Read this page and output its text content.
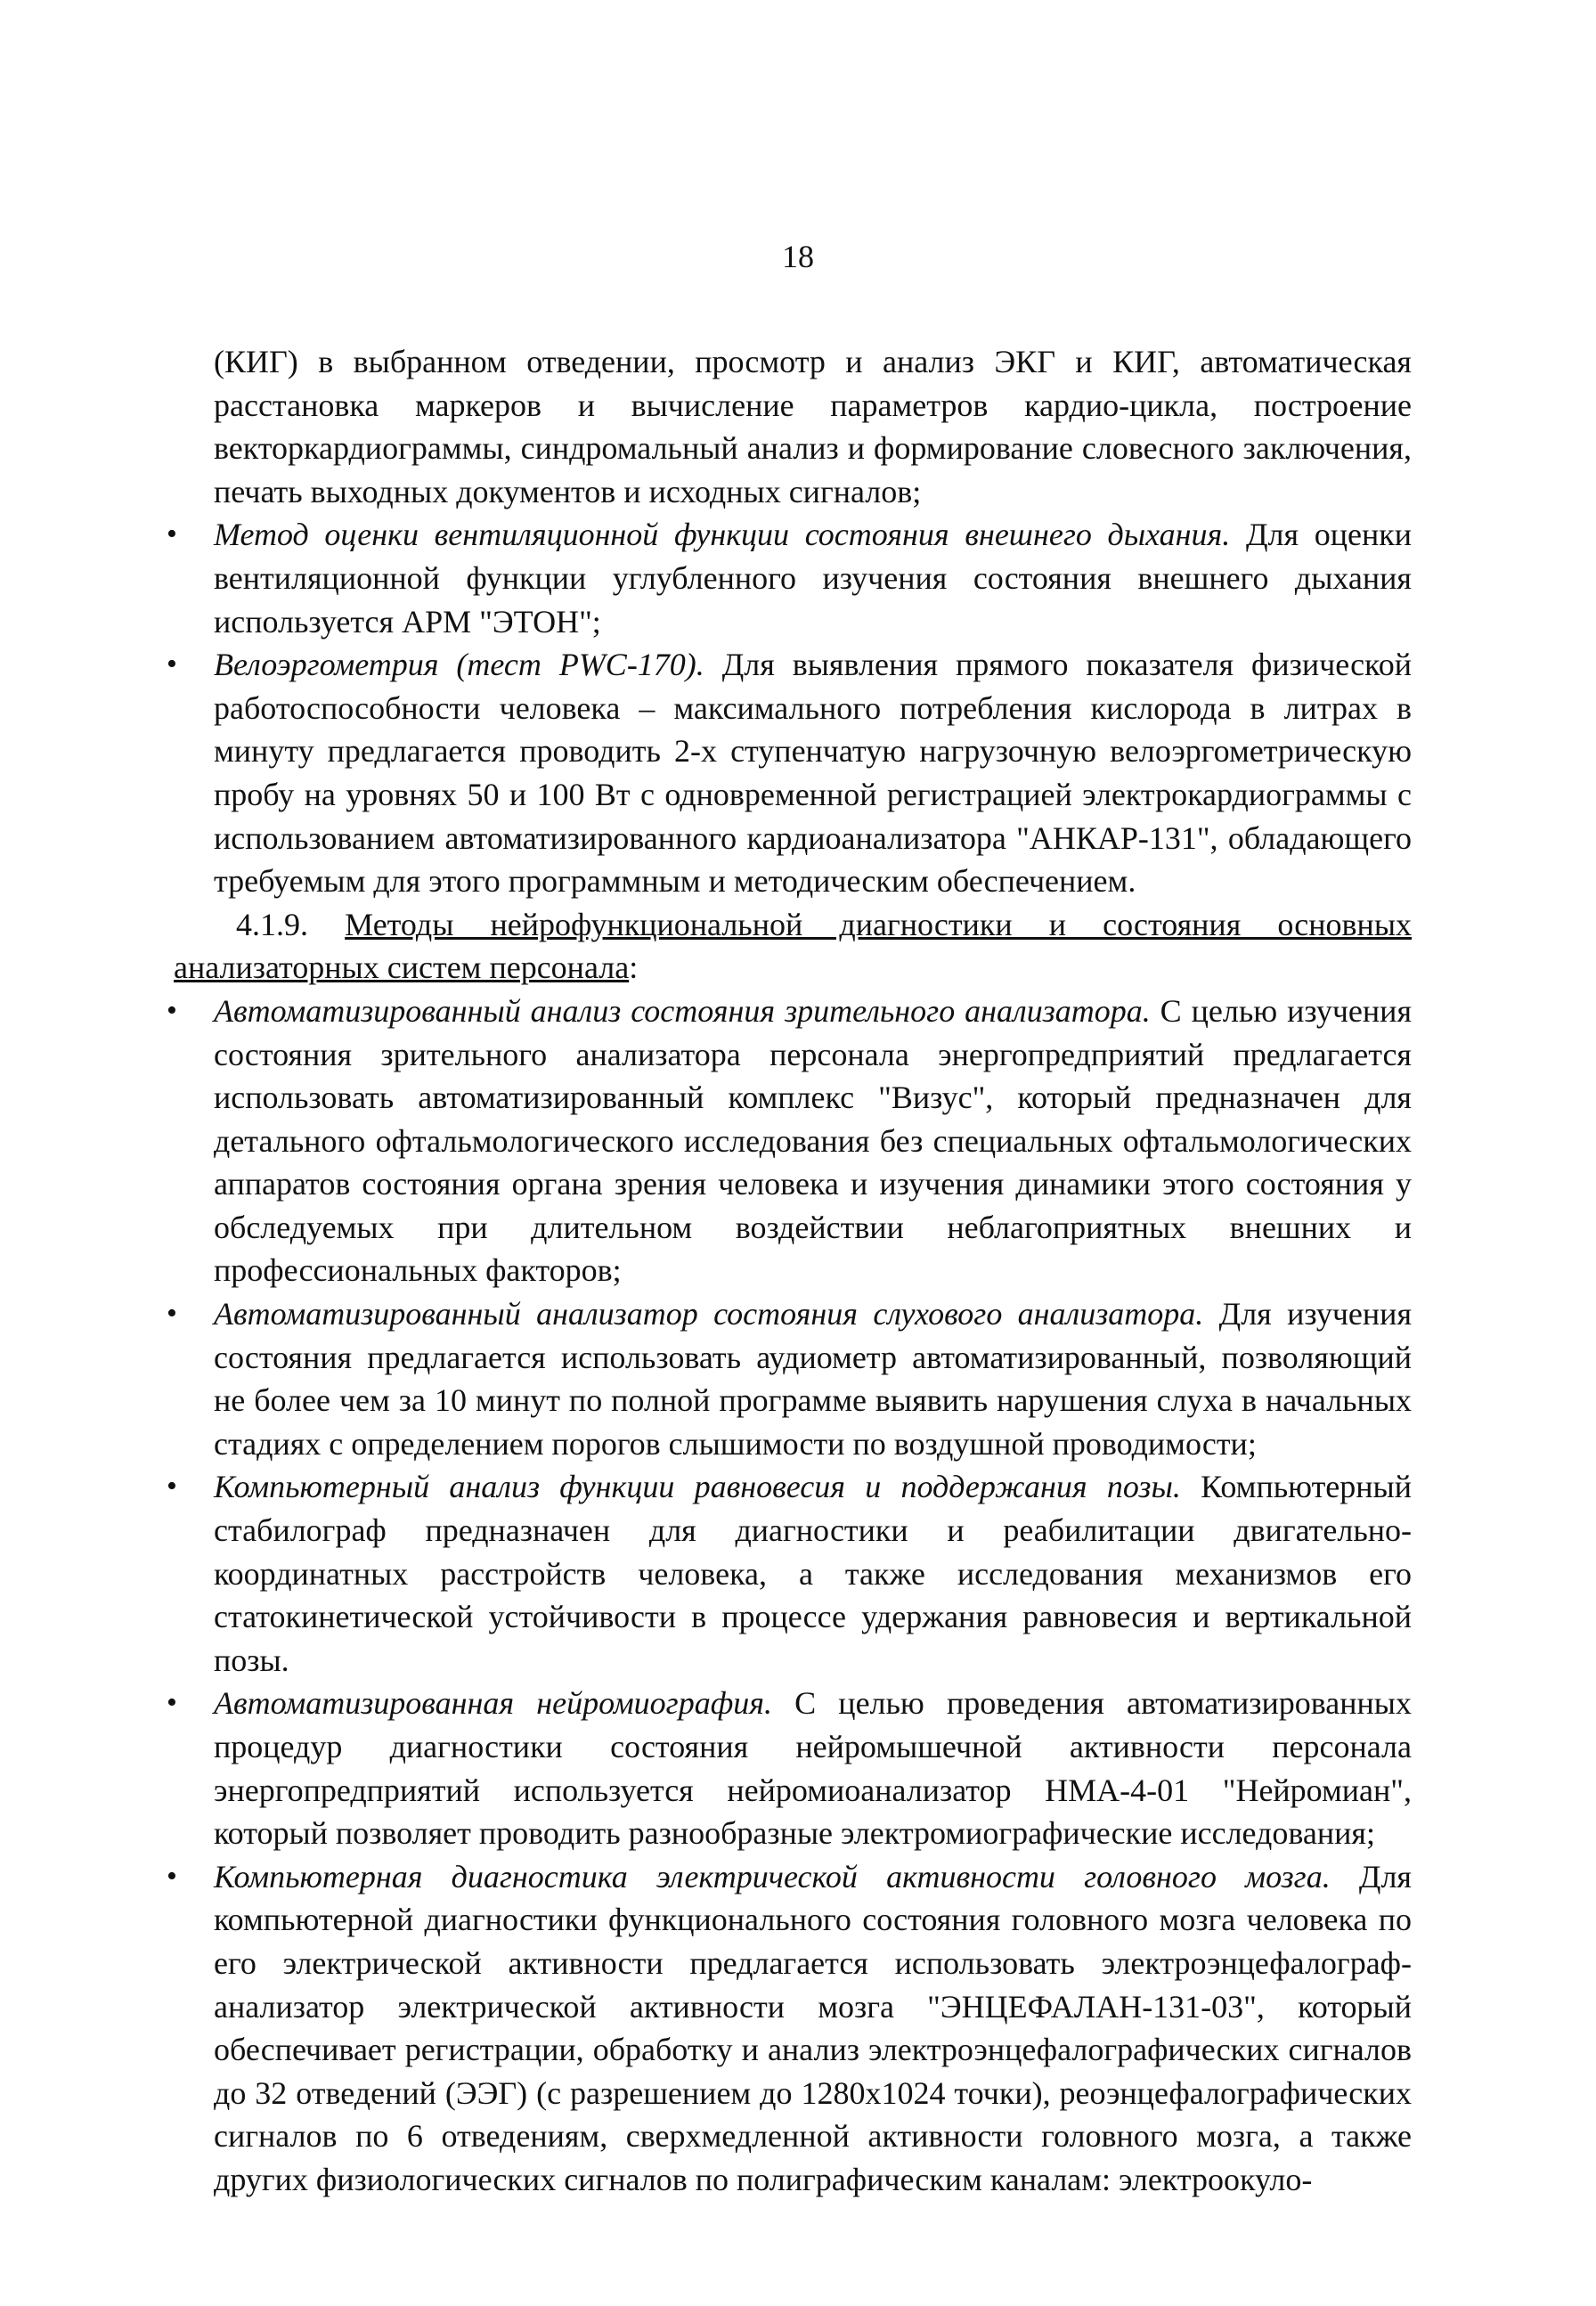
18

(КИГ) в выбранном отведении, просмотр и анализ ЭКГ и КИГ, автоматическая расстановка маркеров и вычисление параметров кардио-цикла, построение векторкардиограммы, синдромальный анализ и формирование словесного заключения, печать выходных документов и исходных сигналов;

•	Метод оценки вентиляционной функции состояния внешнего дыхания. Для оценки вентиляционной функции углубленного изучения состояния внешнего дыхания используется АРМ "ЭТОН";

•	Велоэргометрия (тест PWC-170). Для выявления прямого показателя физической работоспособности человека – максимального потребления кислорода в литрах в минуту предлагается проводить 2-х ступенчатую нагрузочную велоэргометрическую пробу на уровнях 50 и 100 Вт с одновременной регистрацией электрокардиограммы с использованием автоматизированного кардиоанализатора "АНКАР-131", обладающего требуемым для этого программным и методическим обеспечением.

4.1.9. Методы нейрофункциональной диагностики и состояния основных анализаторных систем персонала:

•	Автоматизированный анализ состояния зрительного анализатора. С целью изучения состояния зрительного анализатора персонала энергопредприятий предлагается использовать автоматизированный комплекс "Визус", который предназначен для детального офтальмологического исследования без специальных офтальмологических аппаратов состояния органа зрения человека и изучения динамики этого состояния у обследуемых при длительном воздействии неблагоприятных внешних и профессиональных факторов;

•	Автоматизированный анализатор состояния слухового анализатора. Для изучения состояния предлагается использовать аудиометр автоматизированный, позволяющий не более чем за 10 минут по полной программе выявить нарушения слуха в начальных стадиях с определением порогов слышимости по воздушной проводимости;

•	Компьютерный анализ функции равновесия и поддержания позы. Компьютерный стабилограф предназначен для диагностики и реабилитации двигательно-координатных расстройств человека, а также исследования механизмов его статокинетической устойчивости в процессе удержания равновесия и вертикальной позы.

•	Автоматизированная нейромиография. С целью проведения автоматизированных процедур диагностики состояния нейромышечной активности персонала энергопредприятий используется нейромиоанализатор НМА-4-01 "Нейромиан", который позволяет проводить разнообразные электромиографические исследования;

•	Компьютерная диагностика электрической активности головного мозга. Для компьютерной диагностики функционального состояния головного мозга человека по его электрической активности предлагается использовать электроэнцефалограф-анализатор электрической активности мозга "ЭНЦЕФАЛАН-131-03", который обеспечивает регистрации, обработку и анализ электроэнцефалографических сигналов до 32 отведений (ЭЭГ) (с разрешением до 1280x1024 точки), реоэнцефалографических сигналов по 6 отведениям, сверхмедленной активности головного мозга, а также других физиологических сигналов по полиграфическим каналам: электроокуло-
